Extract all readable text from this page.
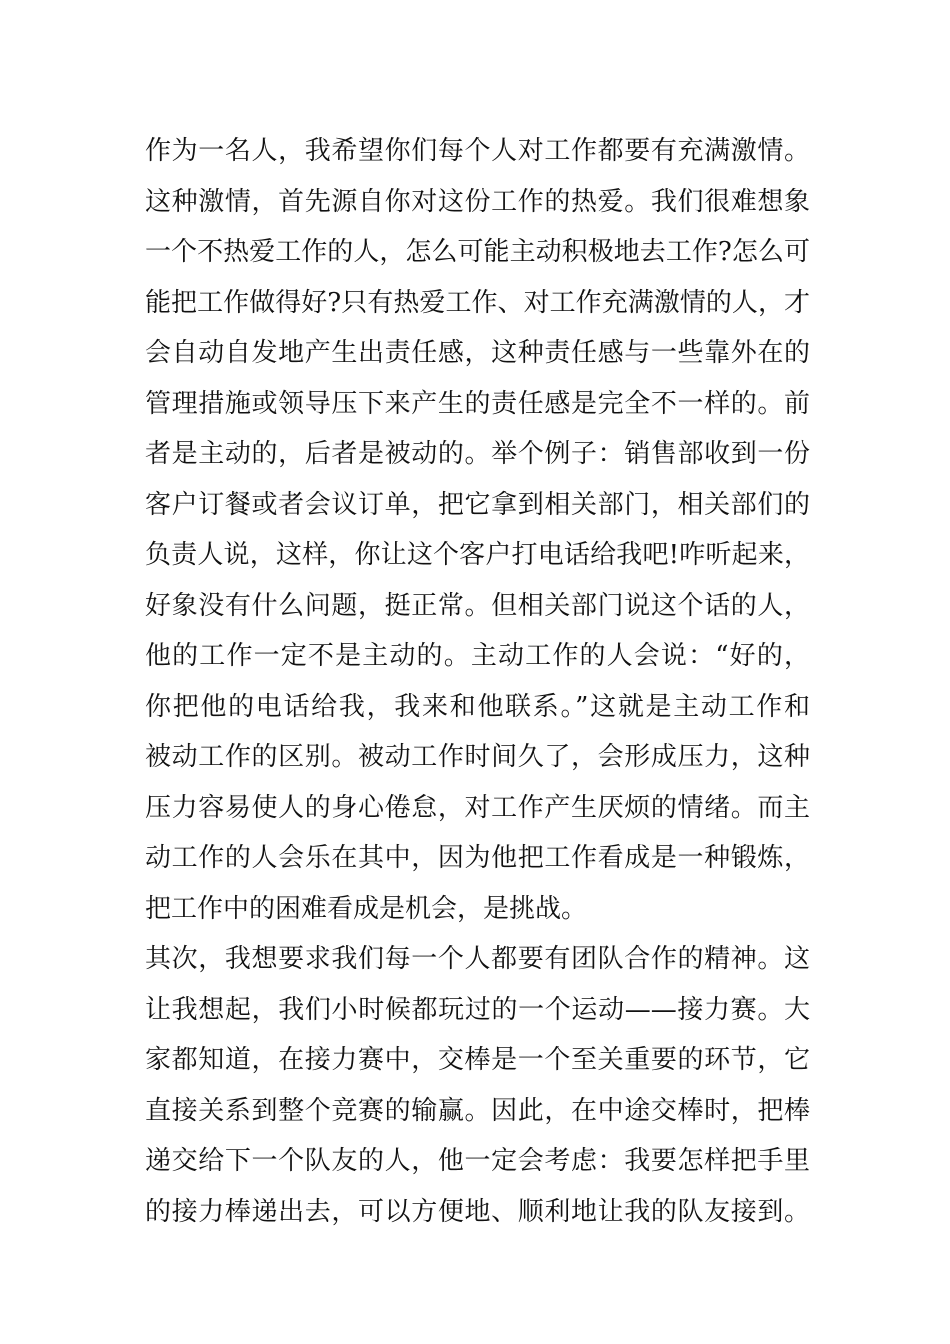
作为一名人，我希望你们每个人对工作都要有充满激情。
这种激情，首先源自你对这份工作的热爱。我们很难想象
一个不热爱工作的人，怎么可能主动积极地去工作?怎么可
能把工作做得好?只有热爱工作、对工作充满激情的人，才
会自动自发地产生出责任感，这种责任感与一些靠外在的
管理措施或领导压下来产生的责任感是完全不一样的。前
者是主动的，后者是被动的。举个例子：销售部收到一份
客户订餐或者会议订单，把它拿到相关部门，相关部们的
负责人说，这样，你让这个客户打电话给我吧!咋听起来，
好象没有什么问题，挺正常。但相关部门说这个话的人，
他的工作一定不是主动的。主动工作的人会说：“好的，
你把他的电话给我，我来和他联系。”这就是主动工作和
被动工作的区别。被动工作时间久了，会形成压力，这种
压力容易使人的身心倦怠，对工作产生厌烦的情绪。而主
动工作的人会乐在其中，因为他把工作看成是一种锻炼，
把工作中的困难看成是机会，是挑战。
其次，我想要求我们每一个人都要有团队合作的精神。这
让我想起，我们小时候都玩过的一个运动——接力赛。大
家都知道，在接力赛中，交棒是一个至关重要的环节，它
直接关系到整个竞赛的输赢。因此，在中途交棒时，把棒
递交给下一个队友的人，他一定会考虑：我要怎样把手里
的接力棒递出去，可以方便地、顺利地让我的队友接到。
